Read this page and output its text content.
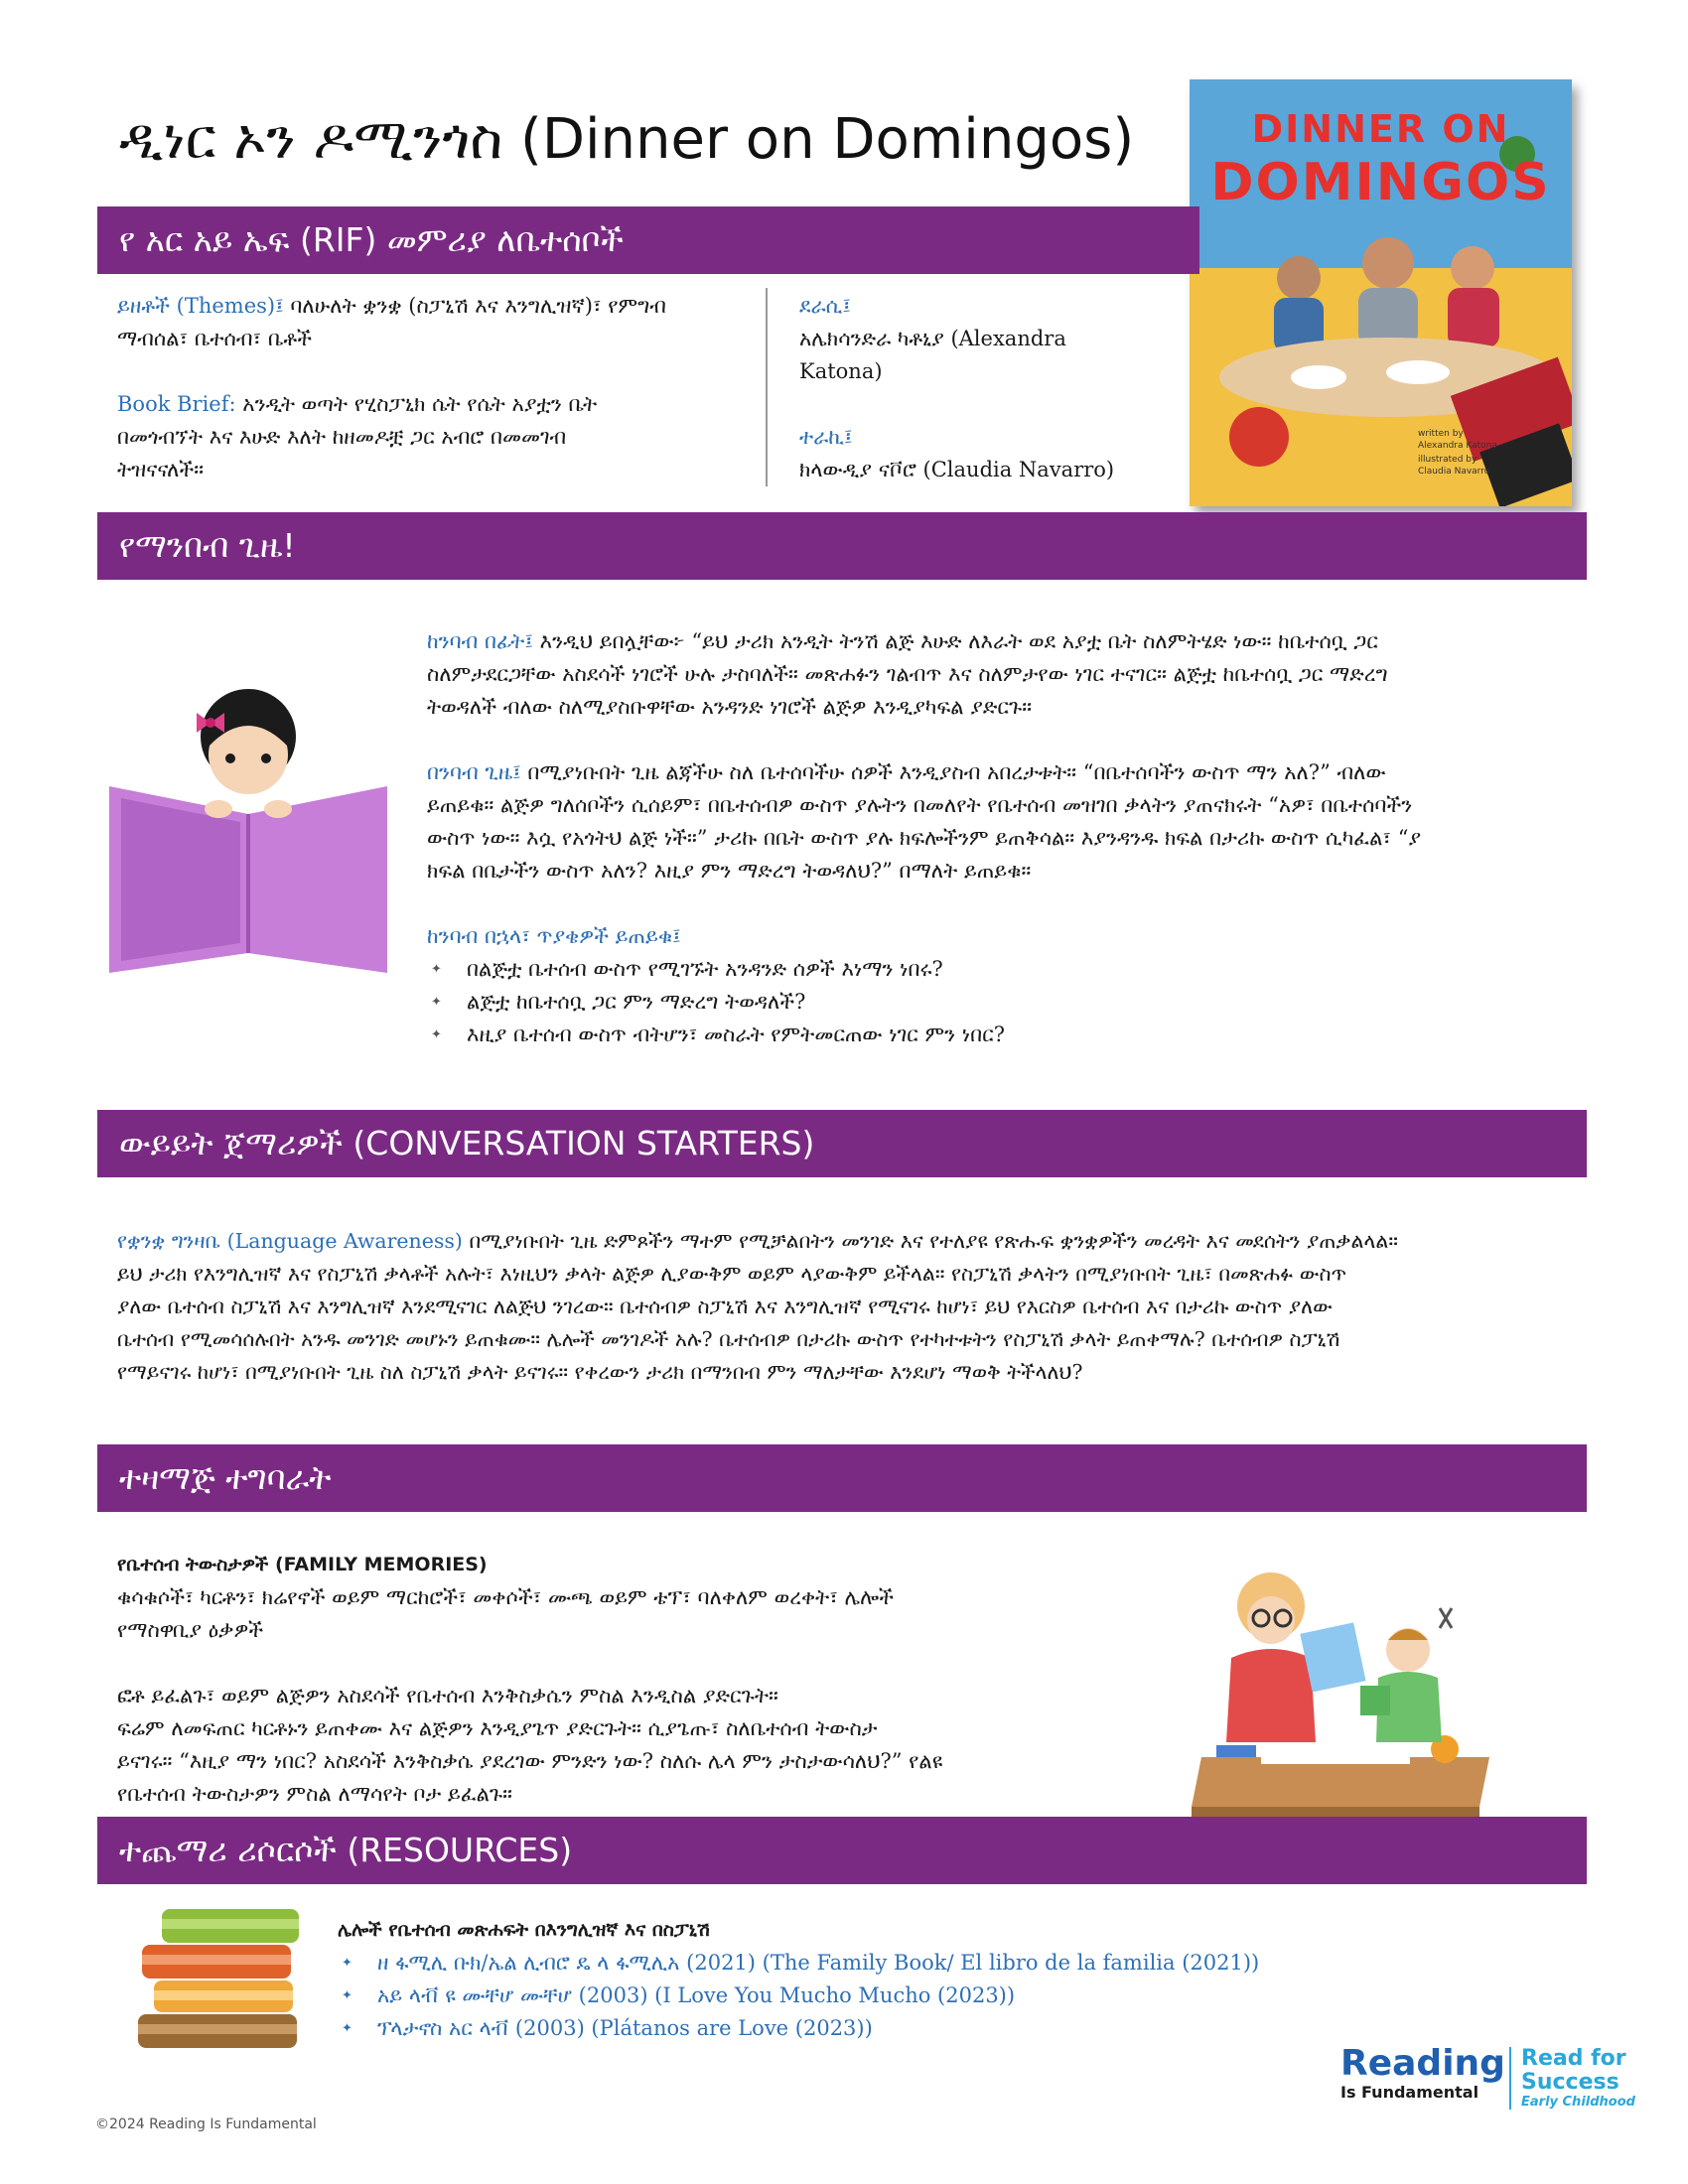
ዲነር ኦን ዶሚንጎስ (Dinner on Domingos)	DINNER ON
DOMINGOS
written by
Alexandra Katona
illustrated by
Claudia Navarro
የ አር አይ ኤፍ (RIF) መምሪያ ለቤተሰቦች
ይዘቶች (Themes)፤ ባለሁለት ቋንቋ (ስፓኒሽ እና እንግሊዝኛ)፣ የምግብ
ማብሰል፣ ቤተሰብ፣ ቤቶች
Book Brief: አንዲት ወጣት የሂስፓኒክ ሴት የሴት አያቷን ቤት
በመጎብኘት እና እሁድ እለት ከዘመዶቿ ጋር አብሮ በመመገብ
ትዝናናለች።
ደራሲ፤
አሌክሳንድራ ካቶኒያ (Alexandra
Katona)
ተራኪ፤
ክላውዲያ ናቮሮ (Claudia Navarro)
የማንበብ ጊዜ!
ከንባብ በፊት፤ እንዲህ ይበሏቸው፦ “ይህ ታሪክ አንዲት ትንሽ ልጅ እሁድ ለእራት ወደ አያቷ ቤት ስለምትሄድ ነው። ከቤተሰቧ ጋር
ስለምታደርጋቸው አስደሳች ነገሮች ሁሉ ታስባለች። መጽሐፉን ገልብጥ እና ስለምታየው ነገር ተናገር። ልጅቷ ከቤተሰቧ ጋር ማድረግ
ትወዳለች ብለው ስለሚያስቡዋቸው አንዳንድ ነገሮች ልጅዎ እንዲያካፍል ያድርጉ።
በንባብ ጊዜ፤ በሚያነቡበት ጊዜ ልጃችሁ ስለ ቤተሰባችሁ ሰዎች እንዲያስብ አበረታቱት። “በቤተሰባችን ውስጥ ማን አለ?” ብለው
ይጠይቁ። ልጅዎ ግለሰቦችን ሲሰይም፣ በቤተሰብዎ ውስጥ ያሉትን በመለየት የቤተሰብ መዝገበ ቃላትን ያጠናክሩት “አዎ፣ በቤተሰባችን
ውስጥ ነው። እሷ የአጎትህ ልጅ ነች።” ታሪኩ በቤት ውስጥ ያሉ ክፍሎችንም ይጠቅሳል። እያንዳንዱ ክፍል በታሪኩ ውስጥ ሲካፈል፣ “ያ
ክፍል በቤታችን ውስጥ አለን? እዚያ ምን ማድረግ ትወዳለህ?” በማለት ይጠይቁ።
ከንባብ በኋላ፣ ጥያቄዎች ይጠይቁ፤
✦ በልጅቷ ቤተሰብ ውስጥ የሚገኙት አንዳንድ ሰዎች እነማን ነበሩ?
✦ ልጅቷ ከቤተሰቧ ጋር ምን ማድረግ ትወዳለች?
✦ እዚያ ቤተሰብ ውስጥ ብትሆን፣ መስራት የምትመርጠው ነገር ምን ነበር?
ውይይት ጀማሪዎች (CONVERSATION STARTERS)
የቋንቋ ግንዛቤ (Language Awareness) በሚያነቡበት ጊዜ ድምጾችን ማተም የሚቻልበትን መንገድ እና የተለያዩ የጽሑፍ ቋንቋዎችን መረዳት እና መደሰትን ያጠቃልላል።
ይህ ታሪክ የእንግሊዝኛ እና የስፓኒሽ ቃላቶች አሉት፣ እነዚህን ቃላት ልጅዎ ሊያውቅም ወይም ላያውቅም ይችላል። የስፓኒሽ ቃላትን በሚያነቡበት ጊዜ፣ በመጽሐፉ ውስጥ
ያለው ቤተሰብ ስፓኒሽ እና እንግሊዝኛ እንደሚናገር ለልጅህ ንገረው። ቤተሰብዎ ስፓኒሽ እና እንግሊዝኛ የሚናገሩ ከሆነ፣ ይህ የእርስዎ ቤተሰብ እና በታሪኩ ውስጥ ያለው
ቤተሰብ የሚመሳሰሉበት አንዱ መንገድ መሆኑን ይጠቁሙ። ሌሎች መንገዶች አሉ? ቤተሰብዎ በታሪኩ ውስጥ የተካተቱትን የስፓኒሽ ቃላት ይጠቀማሉ? ቤተሰብዎ ስፓኒሽ
የማይናገሩ ከሆነ፣ በሚያነቡበት ጊዜ ስለ ስፓኒሽ ቃላት ይናገሩ። የቀረውን ታሪክ በማንበብ ምን ማለታቸው እንደሆነ ማወቅ ትችላለህ?
ተዛማጅ ተግባራት
የቤተሰብ ትውስታዎች (FAMILY MEMORIES)
ቁሳቁሶች፣ ካርቶን፣ ክሬየኖች ወይም ማርከሮች፣ መቀሶች፣ ሙጫ ወይም ቴፕ፣ ባለቀለም ወረቀት፣ ሌሎች
የማስዋቢያ ዕቃዎች
ፎቶ ይፈልጉ፣ ወይም ልጅዎን አስደሳች የቤተሰብ እንቅስቃሴን ምስል እንዲስል ያድርጉት።
ፍሬም ለመፍጠር ካርቶኑን ይጠቀሙ እና ልጅዎን እንዲያጌጥ ያድርጉት። ሲያጌጡ፣ ስለቤተሰብ ትውስታ
ይናገሩ። “እዚያ ማን ነበር? አስደሳች እንቅስቃሴ ያደረገው ምንድን ነው? ስለሱ ሌላ ምን ታስታውሳለህ?” የልዩ
የቤተሰብ ትውስታዎን ምስል ለማሳየት ቦታ ይፈልጉ።
ተጨማሪ ሪሶርሶች (RESOURCES)
ሌሎች የቤተሰብ መጽሐፍት በእንግሊዝኛ እና በስፓኒሽ
✦ ዘ ፋሚሊ ቡክ/ኤል ሊብሮ ዴ ላ ፋሚሊአ (2021) (The Family Book/ El libro de la familia (2021))
✦ አይ ላቭ ዩ ሙቸሆ ሙቸሆ (2003) (I Love You Mucho Mucho (2023))
✦ ፕላታኖስ አር ላቭ (2003) (Plátanos are Love (2023))
©2024 Reading Is Fundamental
Reading
Is Fundamental
Read for
Success
Early Childhood
